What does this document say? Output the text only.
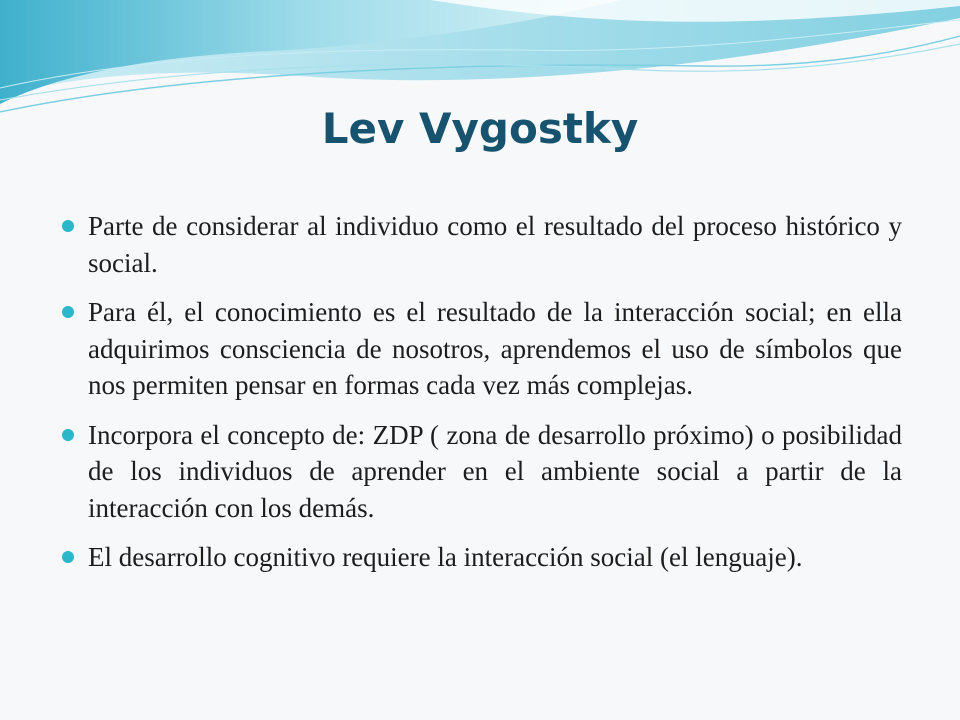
Lev Vygostky
Parte de considerar al individuo como el resultado del proceso histórico y social.
Para él, el conocimiento es el resultado de la interacción social; en ella adquirimos consciencia de nosotros, aprendemos el uso de símbolos que nos permiten pensar en formas cada vez más complejas.
Incorpora el concepto de: ZDP ( zona de desarrollo próximo) o posibilidad de los individuos de aprender en el ambiente social a partir de la interacción con los demás.
El desarrollo cognitivo requiere la interacción social (el lenguaje).
